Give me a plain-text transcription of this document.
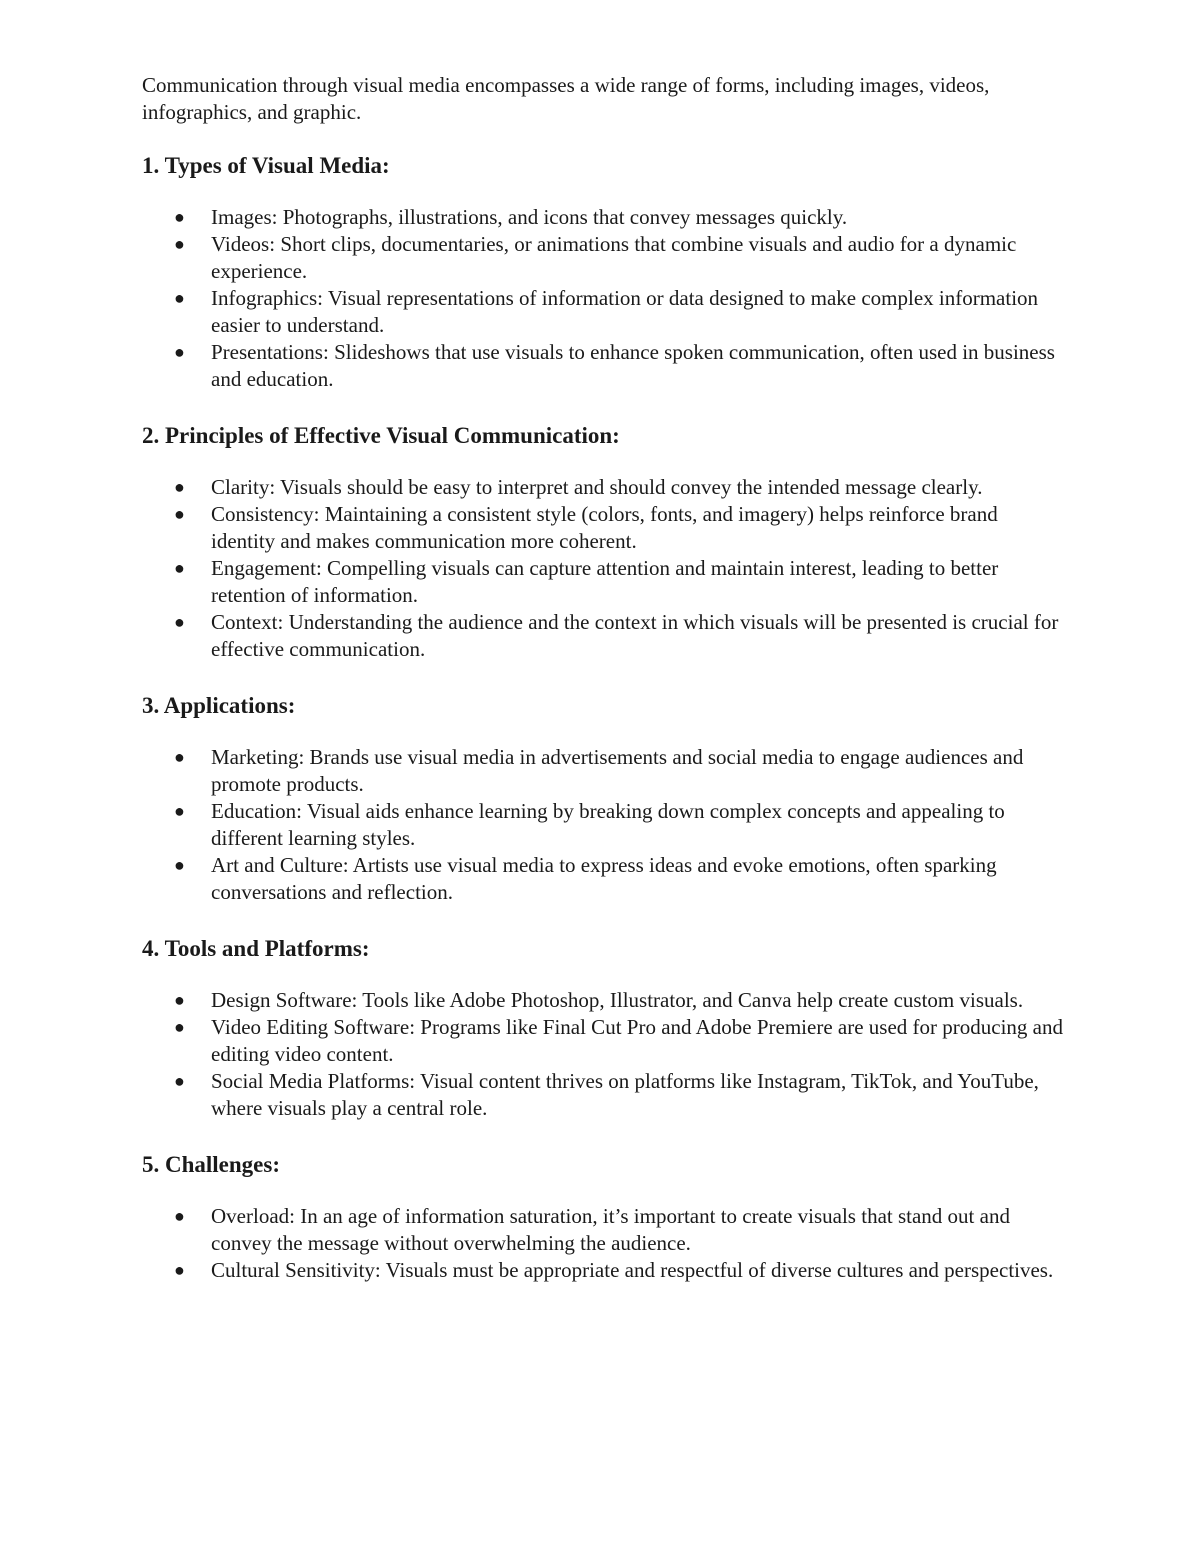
Communication through visual media encompasses a wide range of forms, including images, videos, infographics, and graphic.

1. Types of Visual Media:
● Images: Photographs, illustrations, and icons that convey messages quickly.
● Videos: Short clips, documentaries, or animations that combine visuals and audio for a dynamic experience.
● Infographics: Visual representations of information or data designed to make complex information easier to understand.
● Presentations: Slideshows that use visuals to enhance spoken communication, often used in business and education.
2. Principles of Effective Visual Communication:
● Clarity: Visuals should be easy to interpret and should convey the intended message clearly.
● Consistency: Maintaining a consistent style (colors, fonts, and imagery) helps reinforce brand identity and makes communication more coherent.
● Engagement: Compelling visuals can capture attention and maintain interest, leading to better retention of information.
● Context: Understanding the audience and the context in which visuals will be presented is crucial for effective communication.
3. Applications:
● Marketing: Brands use visual media in advertisements and social media to engage audiences and promote products.
● Education: Visual aids enhance learning by breaking down complex concepts and appealing to different learning styles.
● Art and Culture: Artists use visual media to express ideas and evoke emotions, often sparking conversations and reflection.
4. Tools and Platforms:
● Design Software: Tools like Adobe Photoshop, Illustrator, and Canva help create custom visuals.
● Video Editing Software: Programs like Final Cut Pro and Adobe Premiere are used for producing and editing video content.
● Social Media Platforms: Visual content thrives on platforms like Instagram, TikTok, and YouTube, where visuals play a central role.
5. Challenges:
● Overload: In an age of information saturation, it’s important to create visuals that stand out and convey the message without overwhelming the audience.
● Cultural Sensitivity: Visuals must be appropriate and respectful of diverse cultures and perspectives.
